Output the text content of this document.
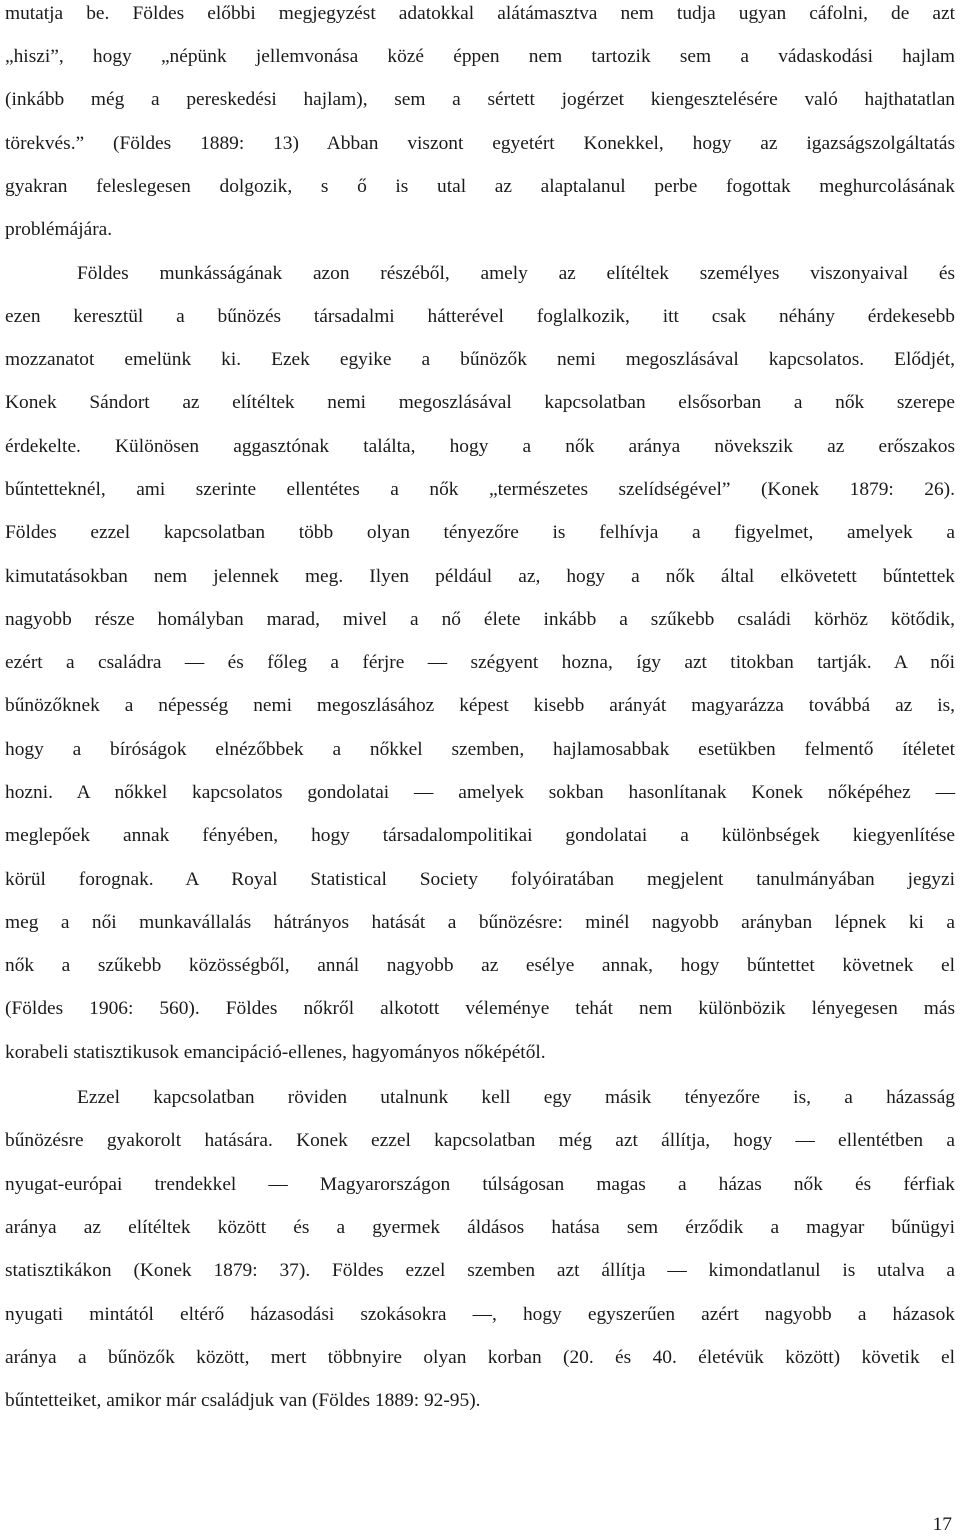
mutatja be. Földes előbbi megjegyzést adatokkal alátámasztva nem tudja ugyan cáfolni, de azt
„hiszi”, hogy „népünk jellemvonása közé éppen nem tartozik sem a vádaskodási hajlam
(inkább még a pereskedési hajlam), sem a sértett jogérzet kiengesztelésére való hajthatatlan
törekvés.” (Földes 1889: 13) Abban viszont egyetért Konekkel, hogy az igazságszolgáltatás
gyakran feleslegesen dolgozik, s ő is utal az alaptalanul perbe fogottak meghurcolásának
problémájára.
Földes munkásságának azon részéből, amely az elítéltek személyes viszonyaival és
ezen keresztül a bűnözés társadalmi hátterével foglalkozik, itt csak néhány érdekesebb
mozzanatot emelünk ki. Ezek egyike a bűnözők nemi megoszlásával kapcsolatos. Elődjét,
Konek Sándort az elítéltek nemi megoszlásával kapcsolatban elsősorban a nők szerepe
érdekelte. Különösen aggasztónak találta, hogy a nők aránya növekszik az erőszakos
bűntetteknél, ami szerinte ellentétes a nők „természetes szelídségével” (Konek 1879: 26).
Földes ezzel kapcsolatban több olyan tényezőre is felhívja a figyelmet, amelyek a
kimutatásokban nem jelennek meg. Ilyen például az, hogy a nők által elkövetett bűntettek
nagyobb része homályban marad, mivel a nő élete inkább a szűkebb családi körhöz kötődik,
ezért a családra — és főleg a férjre — szégyent hozna, így azt titokban tartják. A női
bűnözőknek a népesség nemi megoszlásához képest kisebb arányát magyarázza továbbá az is,
hogy a bíróságok elnézőbbek a nőkkel szemben, hajlamosabbak esetükben felmentő ítéletet
hozni. A nőkkel kapcsolatos gondolatai — amelyek sokban hasonlítanak Konek nőképéhez —
meglepőek annak fényében, hogy társadalompolitikai gondolatai a különbségek kiegyenlítése
körül forognak. A Royal Statistical Society folyóiratában megjelent tanulmányában jegyzi
meg a női munkavállalás hátrányos hatását a bűnözésre: minél nagyobb arányban lépnek ki a
nők a szűkebb közösségből, annál nagyobb az esélye annak, hogy bűntettet követnek el
(Földes 1906: 560). Földes nőkről alkotott véleménye tehát nem különbözik lényegesen más
korabeli statisztikusok emancipáció-ellenes, hagyományos nőképétől.
Ezzel kapcsolatban röviden utalnunk kell egy másik tényezőre is, a házasság
bűnözésre gyakorolt hatására. Konek ezzel kapcsolatban még azt állítja, hogy — ellentétben a
nyugat-európai trendekkel — Magyarországon túlságosan magas a házas nők és férfiak
aránya az elítéltek között és a gyermek áldásos hatása sem érződik a magyar bűnügyi
statisztikákon (Konek 1879: 37). Földes ezzel szemben azt állítja — kimondatlanul is utalva a
nyugati mintától eltérő házasodási szokásokra —, hogy egyszerűen azért nagyobb a házasok
aránya a bűnözők között, mert többnyire olyan korban (20. és 40. életévük között) követik el
bűntetteiket, amikor már családjuk van (Földes 1889: 92-95).
17
